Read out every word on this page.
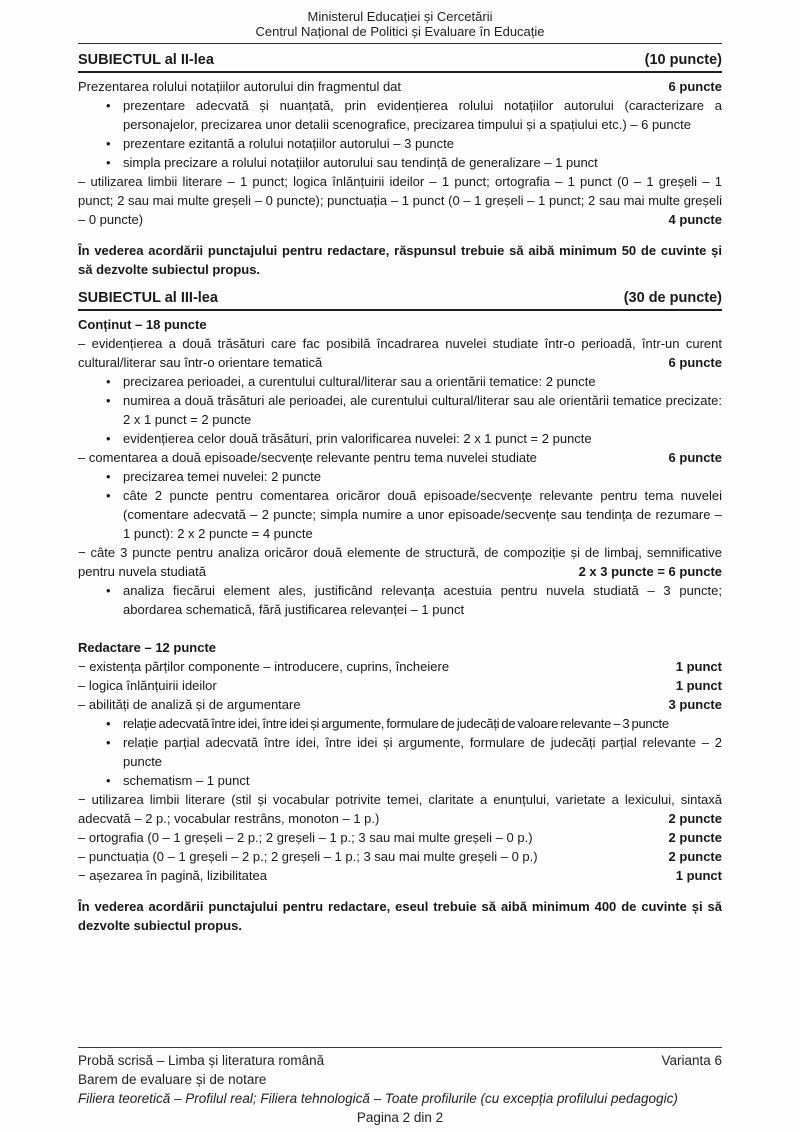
Ministerul Educației și Cercetării
Centrul Național de Politici și Evaluare în Educație
SUBIECTUL al II-lea	(10 puncte)
Prezentarea rolului notațiilor autorului din fragmentul dat	6 puncte
• prezentare adecvată și nuanțată, prin evidențierea rolului notațiilor autorului (caracterizare a personajelor, precizarea unor detalii scenografice, precizarea timpului și a spațiului etc.) – 6 puncte
• prezentare ezitantă a rolului notațiilor autorului – 3 puncte
• simpla precizare a rolului notațiilor autorului sau tendință de generalizare – 1 punct
– utilizarea limbii literare – 1 punct; logica înlănțuirii ideilor – 1 punct; ortografia – 1 punct (0 – 1 greșeli – 1 punct; 2 sau mai multe greșeli – 0 puncte); punctuația – 1 punct (0 – 1 greșeli – 1 punct; 2 sau mai multe greșeli – 0 puncte)	4 puncte
În vederea acordării punctajului pentru redactare, răspunsul trebuie să aibă minimum 50 de cuvinte și să dezvolte subiectul propus.
SUBIECTUL al III-lea	(30 de puncte)
Conținut – 18 puncte
– evidențierea a două trăsături care fac posibilă încadrarea nuvelei studiate într-o perioadă, într-un curent cultural/literar sau într-o orientare tematică	6 puncte
• precizarea perioadei, a curentului cultural/literar sau a orientării tematice: 2 puncte
• numirea a două trăsături ale perioadei, ale curentului cultural/literar sau ale orientării tematice precizate: 2 x 1 punct = 2 puncte
• evidențierea celor două trăsături, prin valorificarea nuvelei: 2 x 1 punct = 2 puncte
– comentarea a două episoade/secvențe relevante pentru tema nuvelei studiate	6 puncte
• precizarea temei nuvelei: 2 puncte
• câte 2 puncte pentru comentarea oricăror două episoade/secvențe relevante pentru tema nuvelei (comentare adecvată – 2 puncte; simpla numire a unor episoade/secvențe sau tendința de rezumare – 1 punct): 2 x 2 puncte = 4 puncte
− câte 3 puncte pentru analiza oricăror două elemente de structură, de compoziție și de limbaj, semnificative pentru nuvela studiată	2 x 3 puncte = 6 puncte
• analiza fiecărui element ales, justificând relevanța acestuia pentru nuvela studiată – 3 puncte; abordarea schematică, fără justificarea relevanței – 1 punct
Redactare – 12 puncte
− existența părților componente – introducere, cuprins, încheiere	1 punct
– logica înlănțuirii ideilor	1 punct
– abilități de analiză și de argumentare	3 puncte
• relație adecvată între idei, între idei și argumente, formulare de judecăți de valoare relevante – 3 puncte
• relație parțial adecvată între idei, între idei și argumente, formulare de judecăți parțial relevante – 2 puncte
• schematism – 1 punct
− utilizarea limbii literare (stil și vocabular potrivite temei, claritate a enunțului, varietate a lexicului, sintaxă adecvată – 2 p.; vocabular restrâns, monoton – 1 p.)	2 puncte
– ortografia (0 – 1 greșeli – 2 p.; 2 greșeli – 1 p.; 3 sau mai multe greșeli – 0 p.)	2 puncte
– punctuația (0 – 1 greșeli – 2 p.; 2 greșeli – 1 p.; 3 sau mai multe greșeli – 0 p.)	2 puncte
− așezarea în pagină, lizibilitatea	1 punct
În vederea acordării punctajului pentru redactare, eseul trebuie să aibă minimum 400 de cuvinte și să dezvolte subiectul propus.
Probă scrisă – Limba și literatura română	Varianta 6
Barem de evaluare și de notare
Filiera teoretică – Profilul real; Filiera tehnologică – Toate profilurile (cu excepția profilului pedagogic)
Pagina 2 din 2
